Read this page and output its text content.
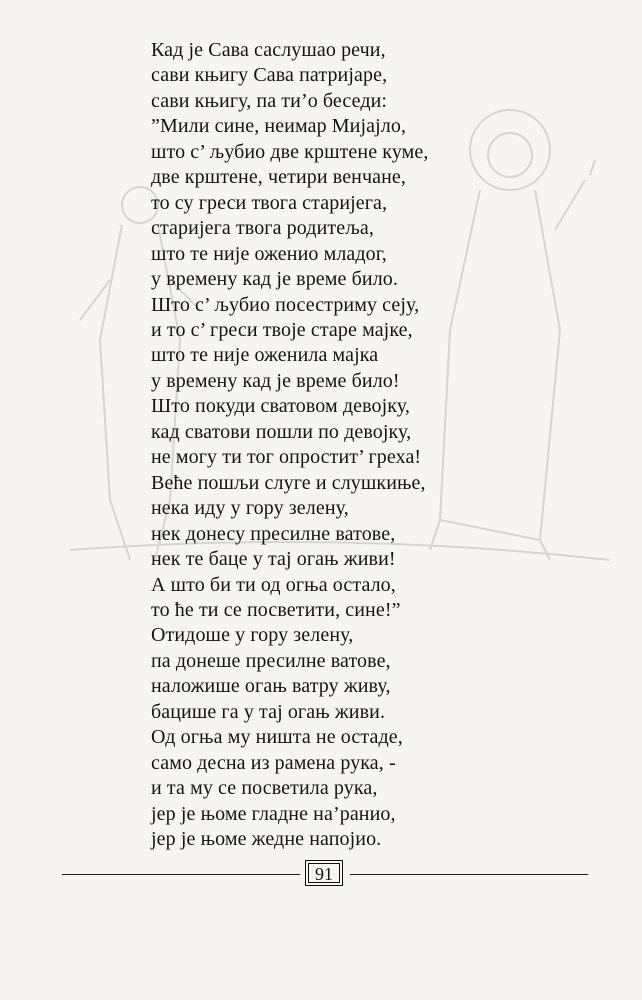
Кад је Сава саслушао речи,
сави књигу Сава патријаре,
сави књигу, па ти’о беседи:
”Мили сине, неимар Мијајло,
што с’ љубио две крштене куме,
две крштене, четири венчане,
то су греси твога старијега,
старијега твога родитеља,
што те није оженио младог,
у времену кад је време било.
Што с’ љубио посестриму сеју,
и то с’ греси твоје старе мајке,
што те није оженила мајка
у времену кад је време било!
Што покуди сватовом девојку,
кад сватови пошли по девојку,
не могу ти тог опростит’ греха!
Веће пошљи слуге и слушкиње,
нека иду у гору зелену,
нек донесу пресилне ватове,
нек те баце у тај огањ живи!
А што би ти од огња остало,
то ће ти се посветити, сине!”
Отидоше у гору зелену,
па донеше пресилне ватове,
наложише огањ ватру живу,
бацише га у тај огањ живи.
Од огња му ништа не остаде,
само десна из рамена рука, -
и та му се посветила рука,
јер је њоме гладне на’ранио,
јер је њоме жедне напојио.
91
